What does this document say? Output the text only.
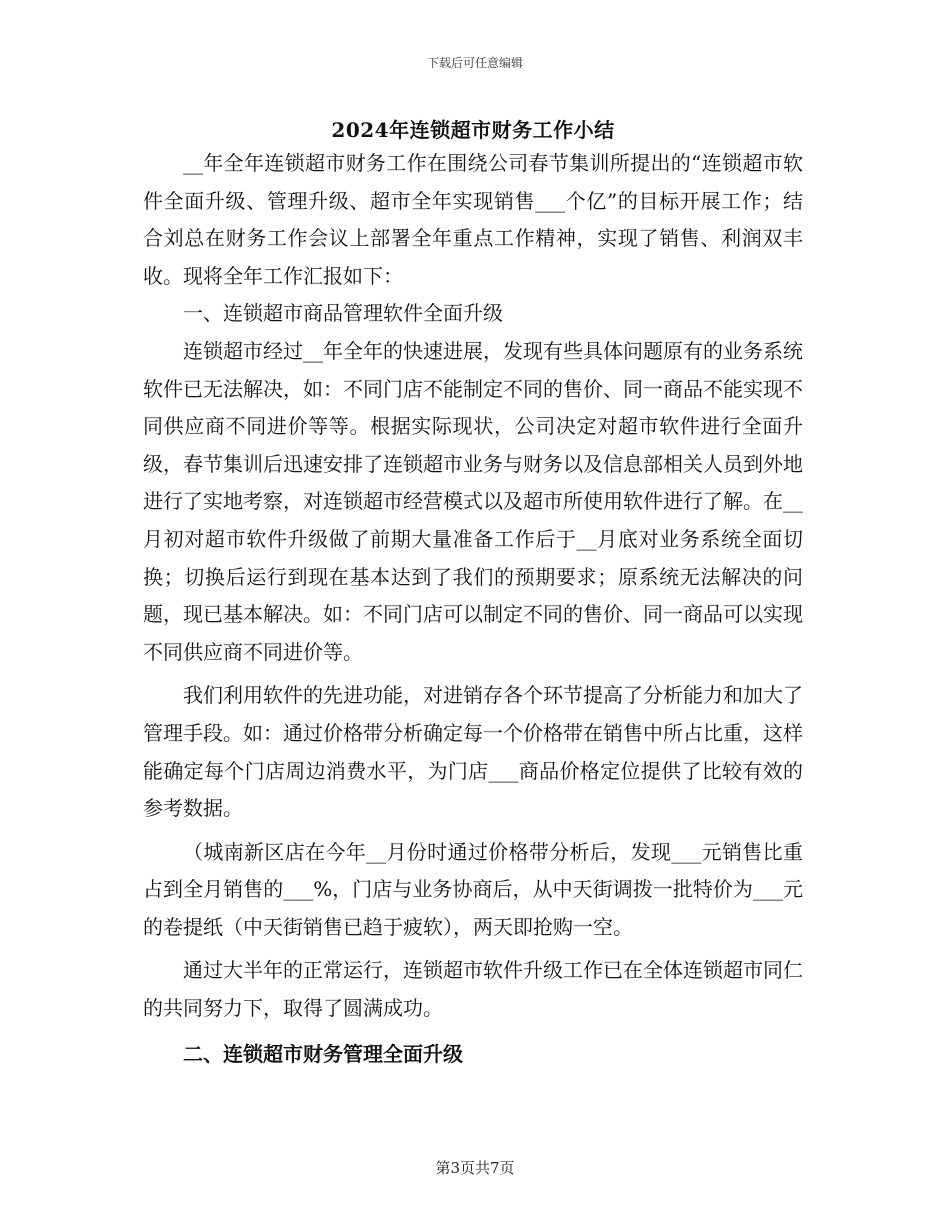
下载后可任意编辑
2024年连锁超市财务工作小结

__年全年连锁超市财务工作在围绕公司春节集训所提出的“连锁超市软件全面升级、管理升级、超市全年实现销售___个亿”的目标开展工作；结合刘总在财务工作会议上部署全年重点工作精神，实现了销售、利润双丰收。现将全年工作汇报如下：

一、连锁超市商品管理软件全面升级

连锁超市经过__年全年的快速进展，发现有些具体问题原有的业务系统软件已无法解决，如：不同门店不能制定不同的售价、同一商品不能实现不同供应商不同进价等等。根据实际现状，公司决定对超市软件进行全面升级，春节集训后迅速安排了连锁超市业务与财务以及信息部相关人员到外地进行了实地考察，对连锁超市经营模式以及超市所使用软件进行了解。在__月初对超市软件升级做了前期大量准备工作后于__月底对业务系统全面切换；切换后运行到现在基本达到了我们的预期要求；原系统无法解决的问题，现已基本解决。如：不同门店可以制定不同的售价、同一商品可以实现不同供应商不同进价等。

我们利用软件的先进功能，对进销存各个环节提高了分析能力和加大了管理手段。如：通过价格带分析确定每一个价格带在销售中所占比重，这样能确定每个门店周边消费水平，为门店___商品价格定位提供了比较有效的参考数据。

（城南新区店在今年__月份时通过价格带分析后，发现___元销售比重占到全月销售的___%，门店与业务协商后，从中天街调拨一批特价为___元的卷提纸（中天街销售已趋于疲软），两天即抢购一空。

通过大半年的正常运行，连锁超市软件升级工作已在全体连锁超市同仁的共同努力下，取得了圆满成功。

二、连锁超市财务管理全面升级

第3页共7页
